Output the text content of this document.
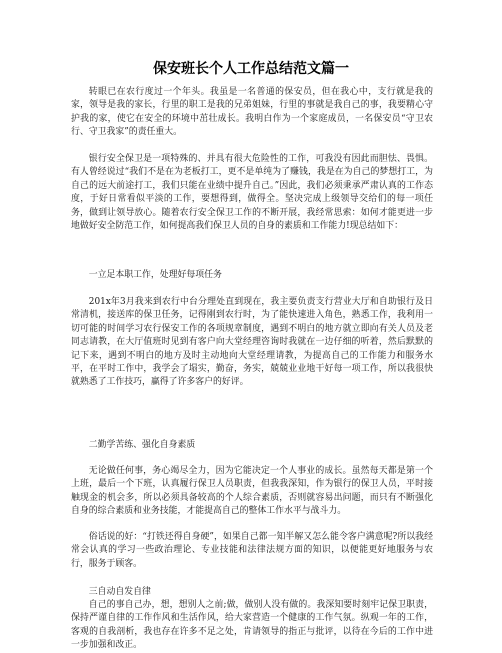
保安班长个人工作总结范文篇一

转眼已在农行度过一个年头。我虽是一名普通的保安员，但在我心中，支行就是我的家，领导是我的家长，行里的职工是我的兄弟姐妹，行里的事就是我自己的事，我要精心守护我的家，使它在安全的环境中茁壮成长。我明白作为一个家庭成员，一名保安员“守卫农行、守卫我家”的责任重大。

银行安全保卫是一项特殊的、并具有很大危险性的工作，可我没有因此而胆怯、畏惧。有人曾经说过“我们不是在为老板打工，更不是单纯为了赚钱，我是在为自己的梦想打工，为自己的远大前途打工，我们只能在业绩中提升自己。”因此，我们必须秉承严肃认真的工作态度，于好日常看似平淡的工作，要想得到，做得全。坚决完成上级领导交给们的每一项任务，做到让领导放心。随着农行安全保卫工作的不断开展，我经常思索：如何才能更进一步地做好安全防范工作，如何提高我们保卫人员的自身的素质和工作能力!现总结如下：

一立足本职工作，处理好每项任务

201x年3月我来到农行中台分理处直到现在，我主要负责支行营业大厅和自助银行及日常清机，接送库的保卫任务，记得刚到农行时，为了能快速进入角色，熟悉工作，我利用一切可能的时间学习农行保安工作的各项规章制度，遇到不明白的地方就立即向有关人员及老同志请教，在大厅值班时见到有客户向大堂经理咨询时我就在一边仔细的听着，然后默默的记下来，遇到不明白的地方及时主动地向大堂经理请教，为提高自己的工作能力和服务水平，在平时工作中，我学会了塌实，勤奋，务实，兢兢业业地干好每一项工作，所以我很快就熟悉了工作技巧，赢得了许多客户的好评。

二勤学苦练、强化自身素质

无论做任何事，务心竭尽全力，因为它能决定一个人事业的成长。虽然每天都是第一个上班，最后一个下班，认真履行保卫人员职责，但我我深知，作为银行的保卫人员，平时接触现金的机会多，所以必须具备较高的个人综合素质，否则就容易出问题，而只有不断强化自身的综合素质和业务技能，才能提高自己的整体工作水平与战斗力。

俗话说的好：“打铁还得自身硬”，如果自己都一知半解又怎么能令客户满意呢?所以我经常会认真的学习一些政治理论、专业技能和法律法规方面的知识，以便能更好地服务与农行，服务于顾客。

三自动自发自律

自己的事自己办，想，想别人之前;做，做别人没有做的。我深知要时刻牢记保卫职责，保持严谨自律的工作作风和生活作风，给大家营造一个健康的工作气氛。纵观一年的工作，客观的自我剖析，我也存在许多不足之处，肯请领导的指正与批评，以待在今后的工作中进一步加强和改正。
